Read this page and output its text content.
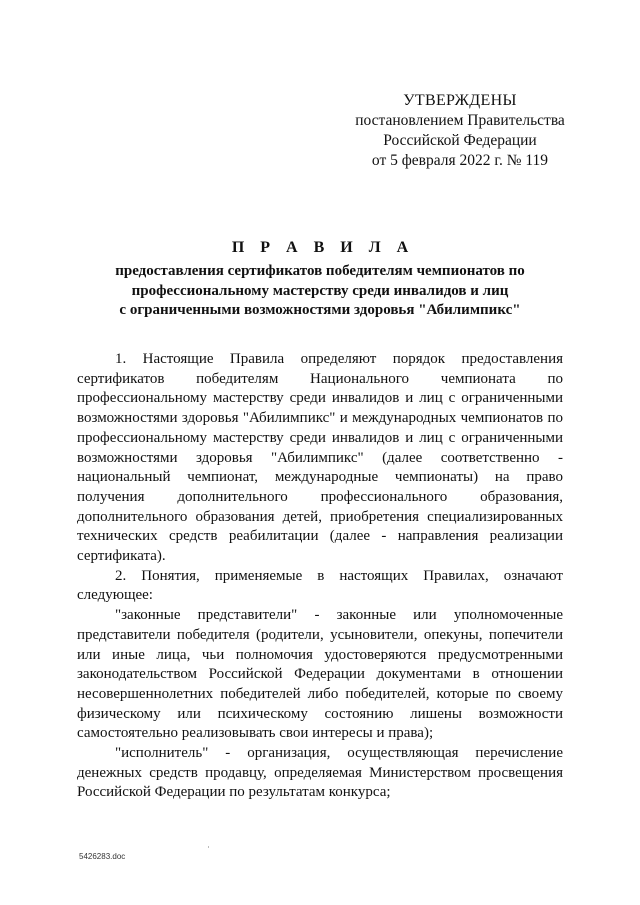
УТВЕРЖДЕНЫ
постановлением Правительства
Российской Федерации
от 5 февраля 2022 г. № 119
П Р А В И Л А
предоставления сертификатов победителям чемпионатов по
профессиональному мастерству среди инвалидов и лиц
с ограниченными возможностями здоровья "Абилимпикс"

1. Настоящие Правила определяют порядок предоставления сертификатов победителям Национального чемпионата по профессиональному мастерству среди инвалидов и лиц с ограниченными возможностями здоровья "Абилимпикс" и международных чемпионатов по профессиональному мастерству среди инвалидов и лиц с ограниченными возможностями здоровья "Абилимпикс" (далее соответственно - национальный чемпионат, международные чемпионаты) на право получения дополнительного профессионального образования, дополнительного образования детей, приобретения специализированных технических средств реабилитации (далее - направления реализации сертификата).

2. Понятия, применяемые в настоящих Правилах, означают следующее:

"законные представители" - законные или уполномоченные представители победителя (родители, усыновители, опекуны, попечители или иные лица, чьи полномочия удостоверяются предусмотренными законодательством Российской Федерации документами в отношении несовершеннолетних победителей либо победителей, которые по своему физическому или психическому состоянию лишены возможности самостоятельно реализовывать свои интересы и права);

"исполнитель" - организация, осуществляющая перечисление денежных средств продавцу, определяемая Министерством просвещения Российской Федерации по результатам конкурса;

5426283.doc
